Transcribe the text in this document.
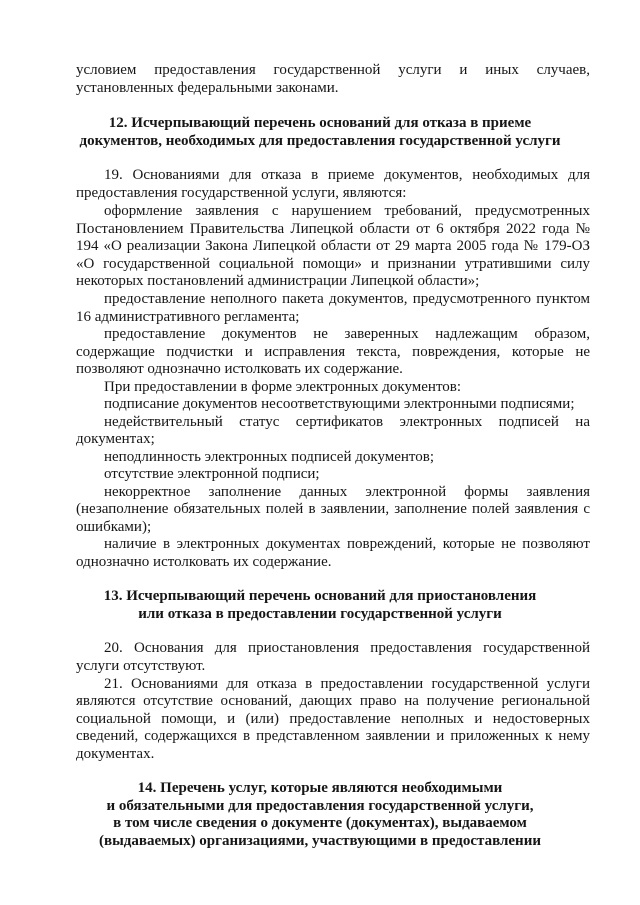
условием предоставления государственной услуги и иных случаев,
установленных федеральными законами.
12. Исчерпывающий перечень оснований для отказа в приеме
документов, необходимых для предоставления государственной услуги
19. Основаниями для отказа в приеме документов, необходимых для
предоставления государственной услуги, являются:
оформление заявления с нарушением требований, предусмотренных
Постановлением Правительства Липецкой области от 6 октября 2022 года №
194 «О реализации Закона Липецкой области от 29 марта 2005 года № 179-ОЗ
«О государственной социальной помощи» и признании утратившими силу
некоторых постановлений администрации Липецкой области»;
предоставление неполного пакета документов, предусмотренного пунктом
16 административного регламента;
предоставление документов не заверенных надлежащим образом,
содержащие подчистки и исправления текста, повреждения, которые не
позволяют однозначно истолковать их содержание.
При предоставлении в форме электронных документов:
подписание документов несоответствующими электронными подписями;
недействительный статус сертификатов электронных подписей на
документах;
неподлинность электронных подписей документов;
отсутствие электронной подписи;
некорректное заполнение данных электронной формы заявления
(незаполнение обязательных полей в заявлении, заполнение полей заявления с
ошибками);
наличие в электронных документах повреждений, которые не позволяют
однозначно истолковать их содержание.
13. Исчерпывающий перечень оснований для приостановления
или отказа в предоставлении государственной услуги
20. Основания для приостановления предоставления государственной
услуги отсутствуют.
21. Основаниями для отказа в предоставлении государственной услуги
являются отсутствие оснований, дающих право на получение региональной
социальной помощи, и (или) предоставление неполных и недостоверных
сведений, содержащихся в представленном заявлении и приложенных к нему
документах.
14. Перечень услуг, которые являются необходимыми
и обязательными для предоставления государственной услуги,
в том числе сведения о документе (документах), выдаваемом
(выдаваемых) организациями, участвующими в предоставлении
